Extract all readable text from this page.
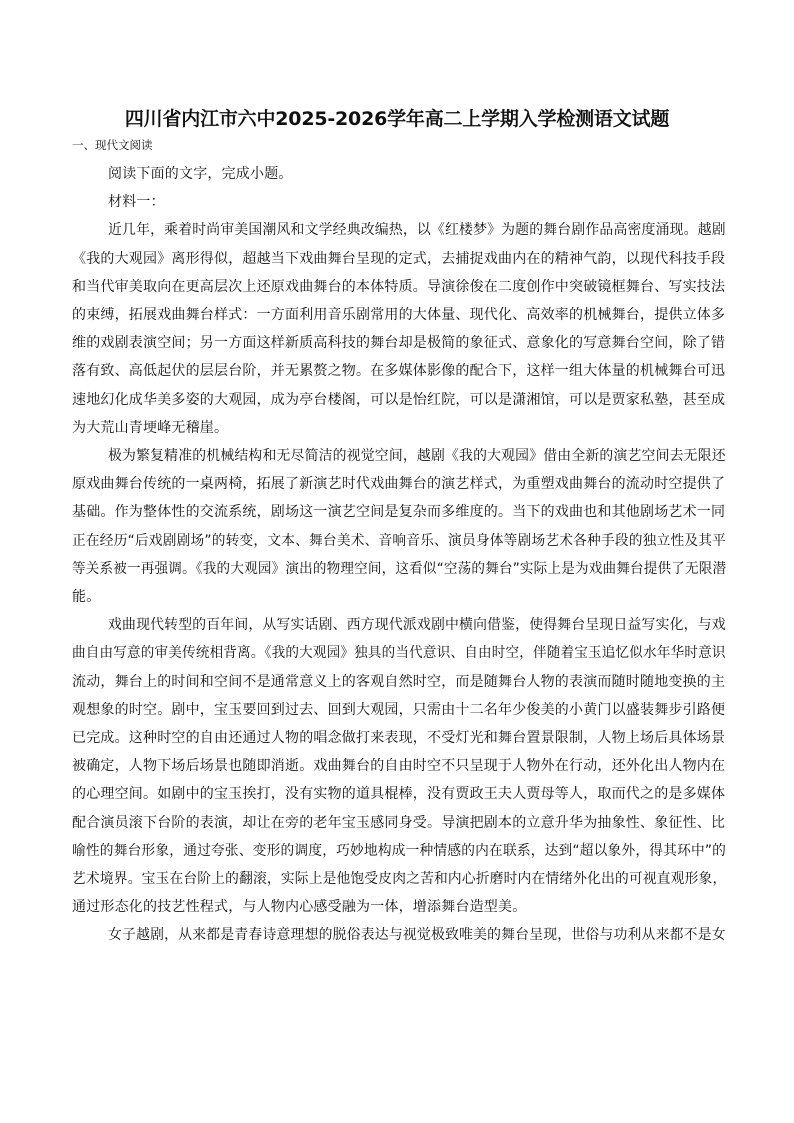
四川省内江市六中2025-2026学年高二上学期入学检测语文试题

一、现代文阅读

阅读下面的文字，完成小题。

材料一：

近几年，乘着时尚审美国潮风和文学经典改编热，以《红楼梦》为题的舞台剧作品高密度涌现。越剧

《我的大观园》离形得似，超越当下戏曲舞台呈现的定式，去捕捉戏曲内在的精神气韵，以现代科技手段

和当代审美取向在更高层次上还原戏曲舞台的本体特质。导演徐俊在二度创作中突破镜框舞台、写实技法

的束缚，拓展戏曲舞台样式：一方面利用音乐剧常用的大体量、现代化、高效率的机械舞台，提供立体多

维的戏剧表演空间；另一方面这样新质高科技的舞台却是极简的象征式、意象化的写意舞台空间，除了错

落有致、高低起伏的层层台阶，并无累赘之物。在多媒体影像的配合下，这样一组大体量的机械舞台可迅

速地幻化成华美多姿的大观园，成为亭台楼阁，可以是怡红院，可以是潇湘馆，可以是贾家私塾，甚至成

为大荒山青埂峰无稽崖。

极为繁复精准的机械结构和无尽简洁的视觉空间，越剧《我的大观园》借由全新的演艺空间去无限还

原戏曲舞台传统的一桌两椅，拓展了新演艺时代戏曲舞台的演艺样式，为重塑戏曲舞台的流动时空提供了

基础。作为整体性的交流系统，剧场这一演艺空间是复杂而多维度的。当下的戏曲也和其他剧场艺术一同

正在经历“后戏剧剧场”的转变，文本、舞台美术、音响音乐、演员身体等剧场艺术各种手段的独立性及其平

等关系被一再强调。《我的大观园》演出的物理空间，这看似“空荡的舞台”实际上是为戏曲舞台提供了无限潜

能。

戏曲现代转型的百年间，从写实话剧、西方现代派戏剧中横向借鉴，使得舞台呈现日益写实化，与戏

曲自由写意的审美传统相背离。《我的大观园》独具的当代意识、自由时空，伴随着宝玉追忆似水年华时意识

流动，舞台上的时间和空间不是通常意义上的客观自然时空，而是随舞台人物的表演而随时随地变换的主

观想象的时空。剧中，宝玉要回到过去、回到大观园，只需由十二名年少俊美的小黄门以盛装舞步引路便

已完成。这种时空的自由还通过人物的唱念做打来表现，不受灯光和舞台置景限制，人物上场后具体场景

被确定，人物下场后场景也随即消逝。戏曲舞台的自由时空不只呈现于人物外在行动，还外化出人物内在

的心理空间。如剧中的宝玉挨打，没有实物的道具棍棒，没有贾政王夫人贾母等人，取而代之的是多媒体

配合演员滚下台阶的表演，却让在旁的老年宝玉感同身受。导演把剧本的立意升华为抽象性、象征性、比

喻性的舞台形象，通过夸张、变形的调度，巧妙地构成一种情感的内在联系，达到“超以象外，得其环中”的

艺术境界。宝玉在台阶上的翻滚，实际上是他饱受皮肉之苦和内心折磨时内在情绪外化出的可视直观形象，

通过形态化的技艺性程式，与人物内心感受融为一体，增添舞台造型美。

女子越剧，从来都是青春诗意理想的脱俗表达与视觉极致唯美的舞台呈现，世俗与功利从来都不是女
